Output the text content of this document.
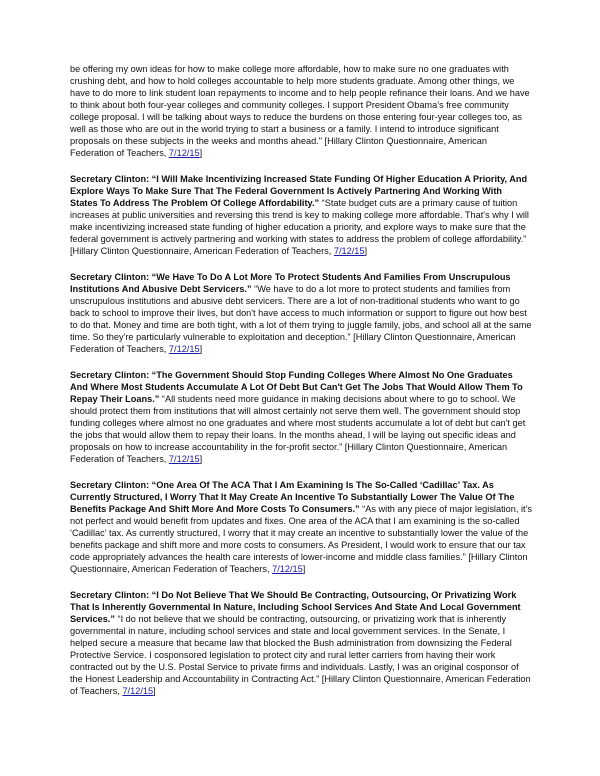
be offering my own ideas for how to make college more affordable, how to make sure no one graduates with crushing debt, and how to hold colleges accountable to help more students graduate. Among other things, we have to do more to link student loan repayments to income and to help people refinance their loans. And we have to think about both four-year colleges and community colleges. I support President Obama's free community college proposal. I will be talking about ways to reduce the burdens on those entering four-year colleges too, as well as those who are out in the world trying to start a business or a family. I intend to introduce significant proposals on these subjects in the weeks and months ahead." [Hillary Clinton Questionnaire, American Federation of Teachers, 7/12/15]

Secretary Clinton: “I Will Make Incentivizing Increased State Funding Of Higher Education A Priority, And Explore Ways To Make Sure That The Federal Government Is Actively Partnering And Working With States To Address The Problem Of College Affordability.” “State budget cuts are a primary cause of tuition increases at public universities and reversing this trend is key to making college more affordable. That's why I will make incentivizing increased state funding of higher education a priority, and explore ways to make sure that the federal government is actively partnering and working with states to address the problem of college affordability.” [Hillary Clinton Questionnaire, American Federation of Teachers, 7/12/15]

Secretary Clinton: “We Have To Do A Lot More To Protect Students And Families From Unscrupulous Institutions And Abusive Debt Servicers.” “We have to do a lot more to protect students and families from unscrupulous institutions and abusive debt servicers. There are a lot of non-traditional students who want to go back to school to improve their lives, but don't have access to much information or support to figure out how best to do that. Money and time are both tight, with a lot of them trying to juggle family, jobs, and school all at the same time. So they're particularly vulnerable to exploitation and deception.” [Hillary Clinton Questionnaire, American Federation of Teachers, 7/12/15]

Secretary Clinton: “The Government Should Stop Funding Colleges Where Almost No One Graduates And Where Most Students Accumulate A Lot Of Debt But Can't Get The Jobs That Would Allow Them To Repay Their Loans.” “All students need more guidance in making decisions about where to go to school. We should protect them from institutions that will almost certainly not serve them well. The government should stop funding colleges where almost no one graduates and where most students accumulate a lot of debt but can't get the jobs that would allow them to repay their loans. In the months ahead, I will be laying out specific ideas and proposals on how to increase accountability in the for-profit sector.” [Hillary Clinton Questionnaire, American Federation of Teachers, 7/12/15]

Secretary Clinton: “One Area Of The ACA That I Am Examining Is The So-Called ‘Cadillac’ Tax. As Currently Structured, I Worry That It May Create An Incentive To Substantially Lower The Value Of The Benefits Package And Shift More And More Costs To Consumers.” “As with any piece of major legislation, it's not perfect and would benefit from updates and fixes. One area of the ACA that I am examining is the so-called ‘Cadillac’ tax. As currently structured, I worry that it may create an incentive to substantially lower the value of the benefits package and shift more and more costs to consumers. As President, I would work to ensure that our tax code appropriately advances the health care interests of lower-income and middle class families.” [Hillary Clinton Questionnaire, American Federation of Teachers, 7/12/15]

Secretary Clinton: “I Do Not Believe That We Should Be Contracting, Outsourcing, Or Privatizing Work That Is Inherently Governmental In Nature, Including School Services And State And Local Government Services.” “I do not believe that we should be contracting, outsourcing, or privatizing work that is inherently governmental in nature, including school services and state and local government services. In the Senate, I helped secure a measure that became law that blocked the Bush administration from downsizing the Federal Protective Service. I cosponsored legislation to protect city and rural letter carriers from having their work contracted out by the U.S. Postal Service to private firms and individuals. Lastly, I was an original cosponsor of the Honest Leadership and Accountability in Contracting Act.” [Hillary Clinton Questionnaire, American Federation of Teachers, 7/12/15]
